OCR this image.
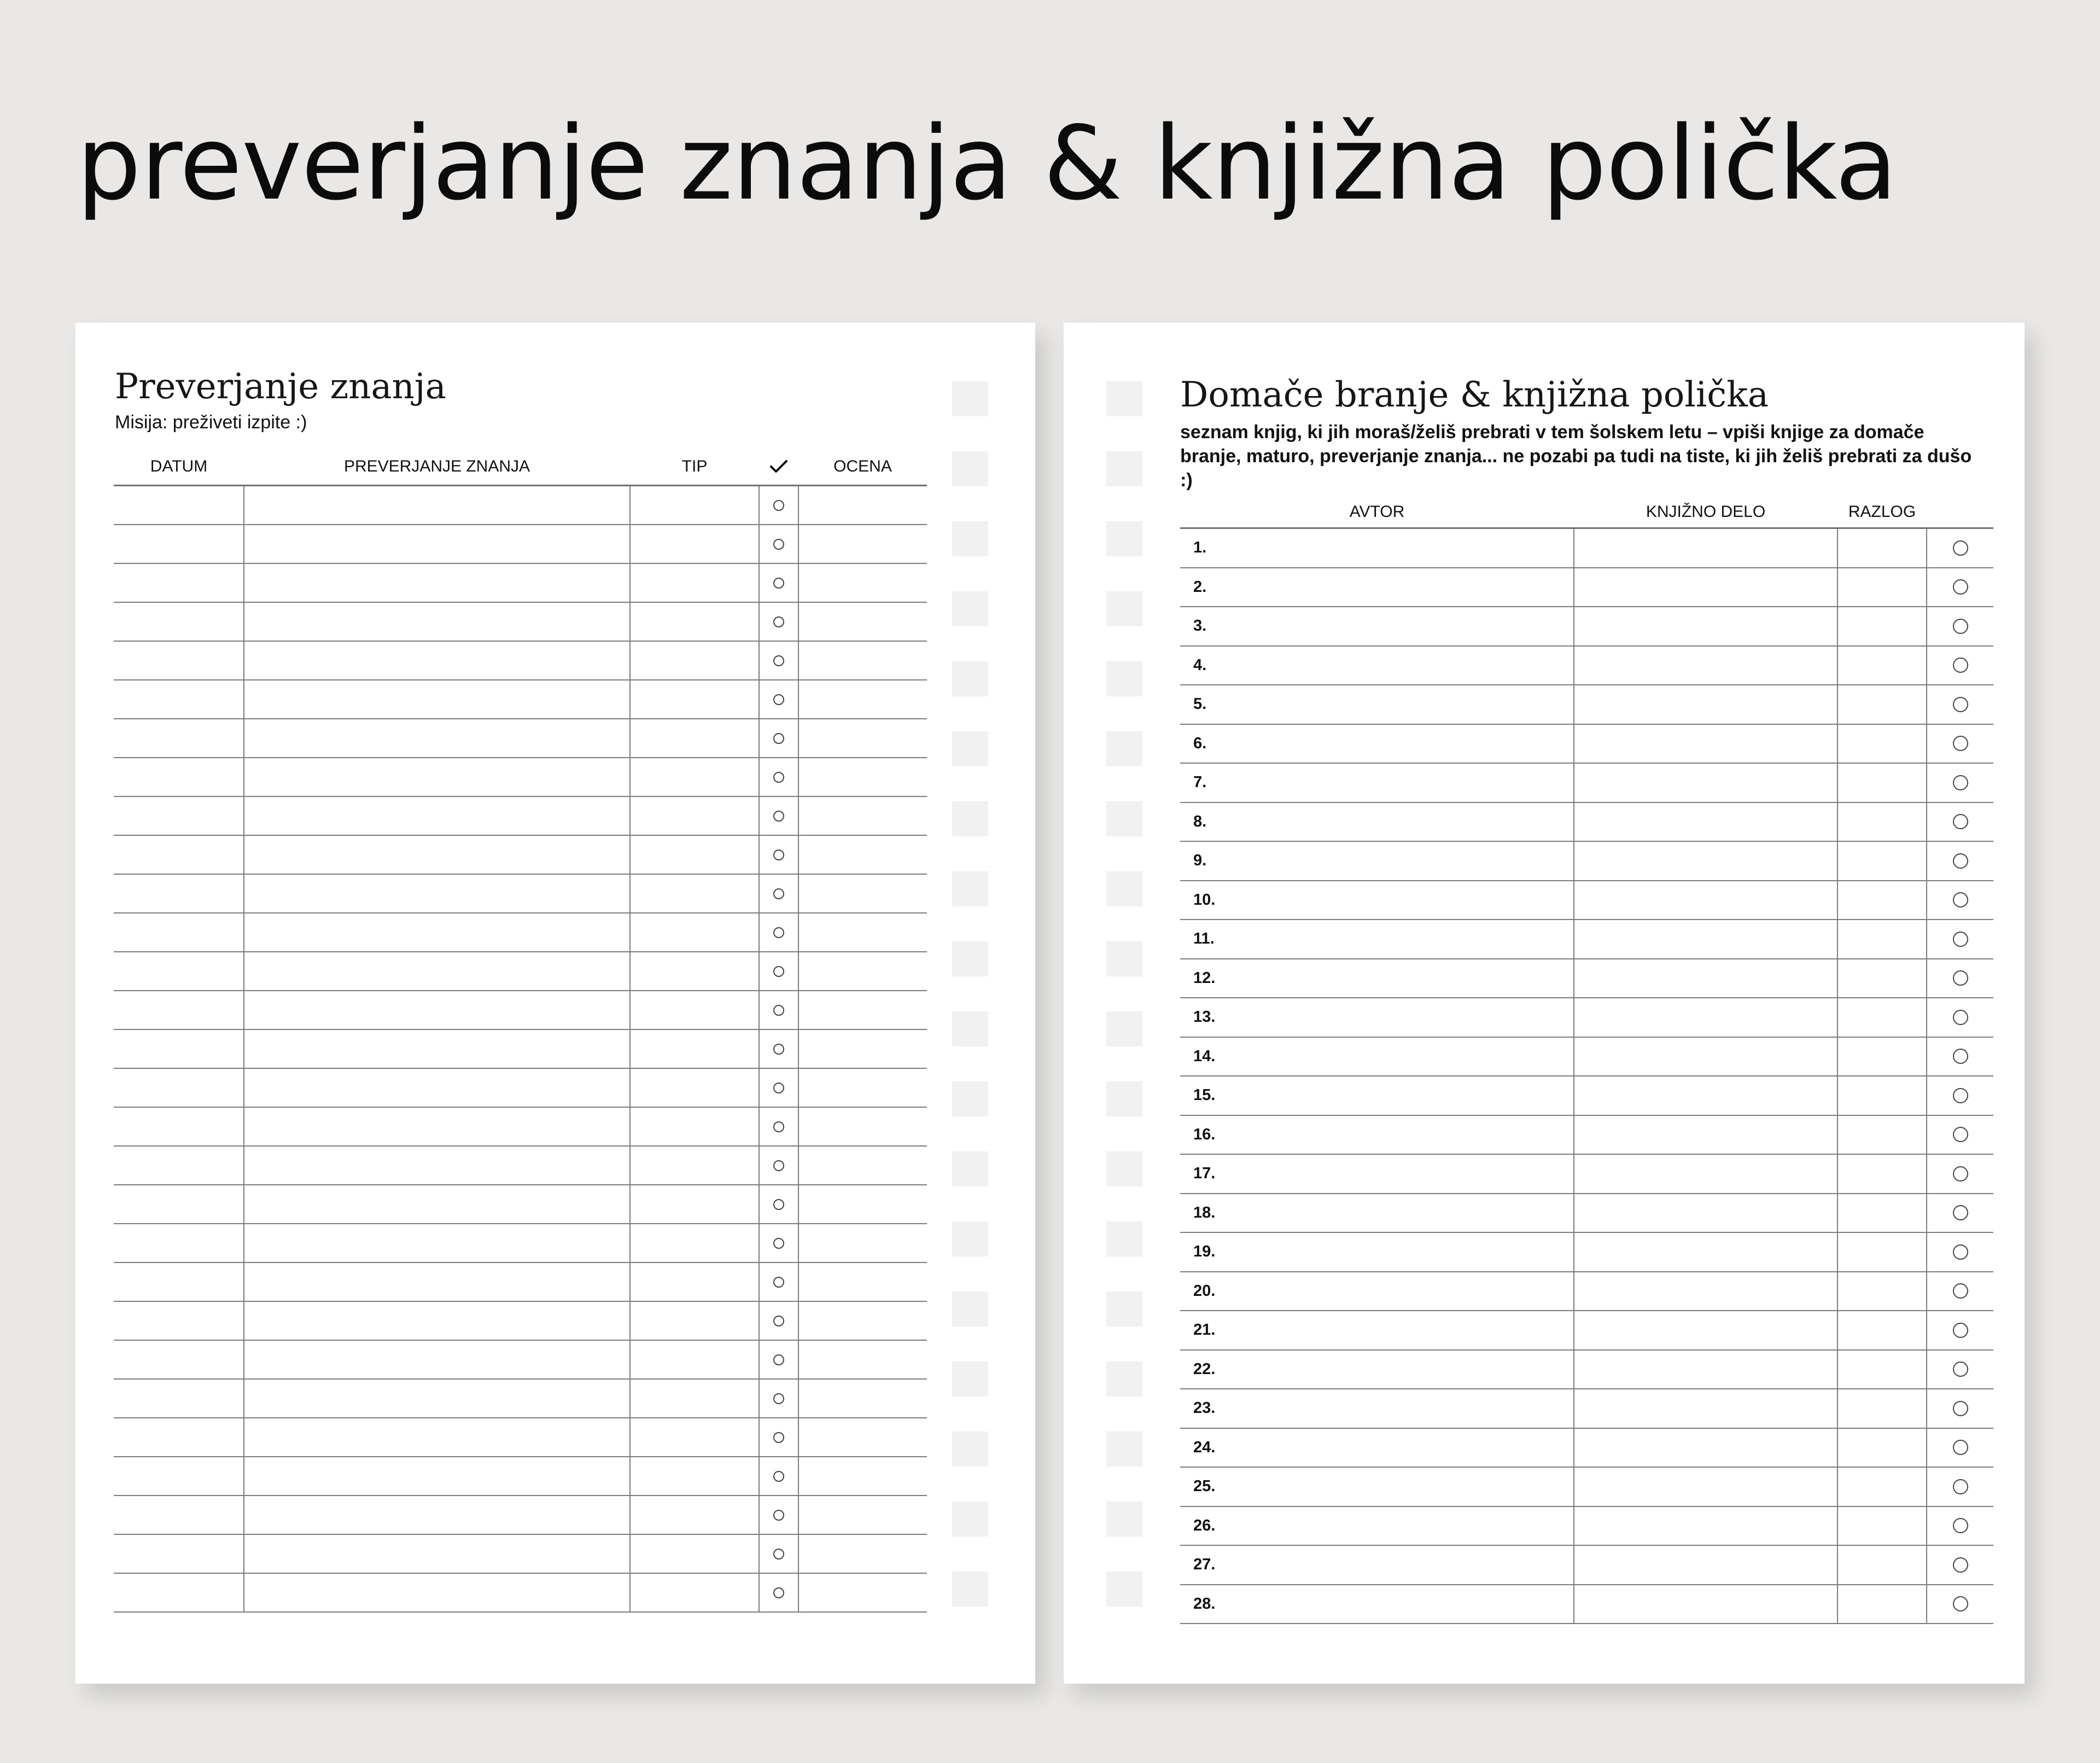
preverjanje znanja & knjižna polička
Preverjanje znanja
Misija: preživeti izpite :)
DATUM	PREVERJANJE ZNANJA	TIP		OCENA

Domače branje & knjižna polička
seznam knjig, ki jih moraš/želiš prebrati v tem šolskem letu – vpiši knjige za domače branje, maturo, preverjanje znanja... ne pozabi pa tudi na tiste, ki jih želiš prebrati za dušo :)
AVTOR	KNJIŽNO DELO	RAZLOG	
1.			

2.			

3.			

4.			

5.			

6.			

7.			

8.			

9.			

10.			

11.			

12.			

13.			

14.			

15.			

16.			

17.			

18.			

19.			

20.			

21.			

22.			

23.			

24.			

25.			

26.			

27.			

28.			
